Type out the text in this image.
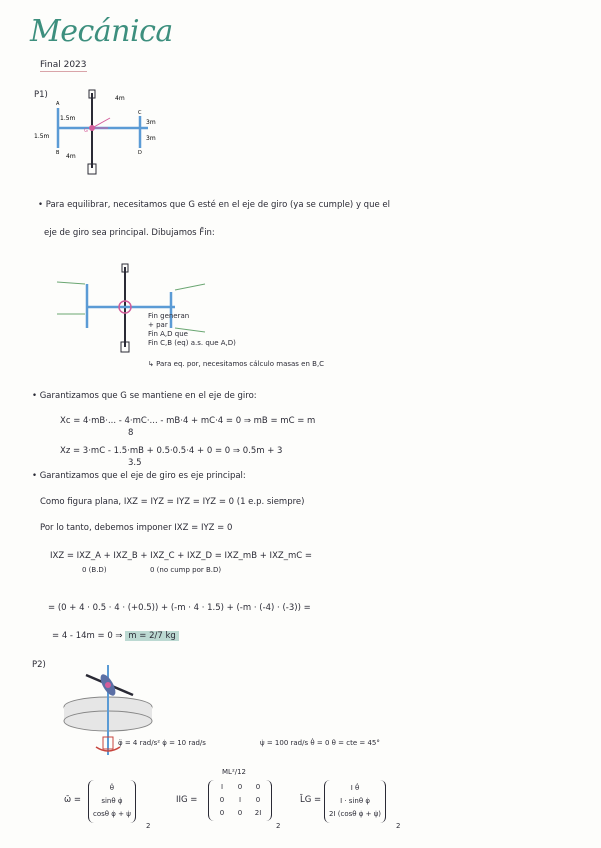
Mecánica
Final 2023
P1)	4m
1.5m
1.5m
4m
3m
3m
A
B
C
D
G
• Para equilibrar, necesitamos que G esté en el eje de giro (ya se cumple) y que el
eje de giro sea principal. Dibujamos F̄in:
Fin generan
+ par
Fin A,D que
Fin C,B (eq) a.s. que A,D)
↳ Para eq. por, necesitamos cálculo masas en B,C
• Garantizamos que G se mantiene en el eje de giro:
Xc = 4·mB·... - 4·mC·... - mB·4 + mC·4 = 0 ⇒ mB = mC = m
8
Xz = 3·mC - 1.5·mB + 0.5·0.5·4 + 0 = 0 ⇒ 0.5m + 3
3.5
• Garantizamos que el eje de giro es eje principal:
Como figura plana, IXZ = IYZ = IYZ = IYZ = 0 (1 e.p. siempre)
Por lo tanto, debemos imponer IXZ = IYZ = 0
IXZ = IXZ_A + IXZ_B + IXZ_C + IXZ_D = IXZ_mB + IXZ_mC =
0 (B.D)	0 (no cump por B.D)
= (0 + 4 · 0.5 · 4 · (+0.5)) + (-m · 4 · 1.5) + (-m · (-4) · (-3)) =
= 4 - 14m = 0 ⇒ m = 2/7 kg
P2)
φ̈ = 4 rad/s² φ̇ = 10 rad/s	ψ̇ = 100 rad/s θ̇ = 0 θ = cte = 45°
ω̄ =
θ̇
sinθ φ̇
cosθ φ̇ + ψ̇
2
ML²/12
IIG =
I	0	0
0	I	0
0	0	2I
2
L̄G =
I θ̇
I · sinθ φ̇
2I (cosθ φ̇ + ψ̇)
2
